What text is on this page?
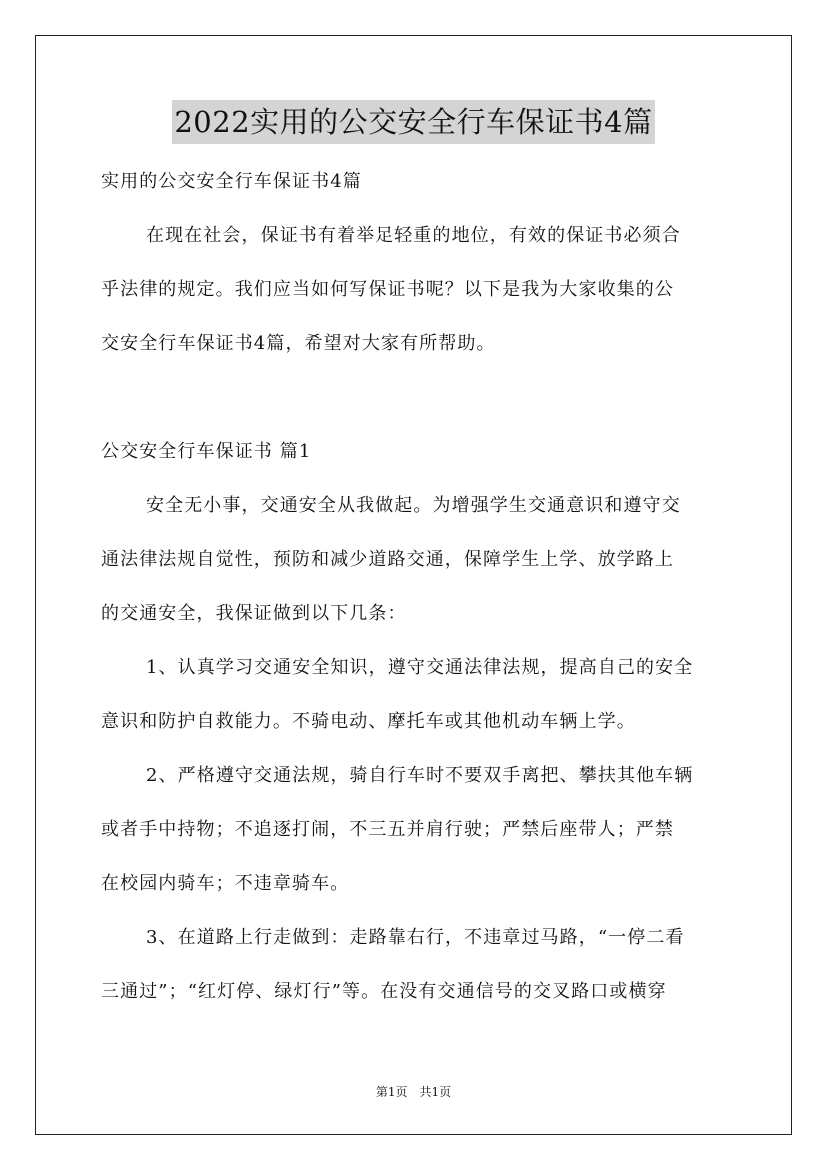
2022实用的公交安全行车保证书4篇
实用的公交安全行车保证书4篇
在现在社会，保证书有着举足轻重的地位，有效的保证书必须合
乎法律的规定。我们应当如何写保证书呢？以下是我为大家收集的公
交安全行车保证书4篇，希望对大家有所帮助。
公交安全行车保证书 篇1
安全无小事，交通安全从我做起。为增强学生交通意识和遵守交
通法律法规自觉性，预防和减少道路交通，保障学生上学、放学路上
的交通安全，我保证做到以下几条：
1、认真学习交通安全知识，遵守交通法律法规，提高自己的安全
意识和防护自救能力。不骑电动、摩托车或其他机动车辆上学。
2、严格遵守交通法规，骑自行车时不要双手离把、攀扶其他车辆
或者手中持物；不追逐打闹，不三五并肩行驶；严禁后座带人；严禁
在校园内骑车；不违章骑车。
3、在道路上行走做到：走路靠右行，不违章过马路，“一停二看
三通过”；“红灯停、绿灯行”等。在没有交通信号的交叉路口或横穿
第1页 共1页
